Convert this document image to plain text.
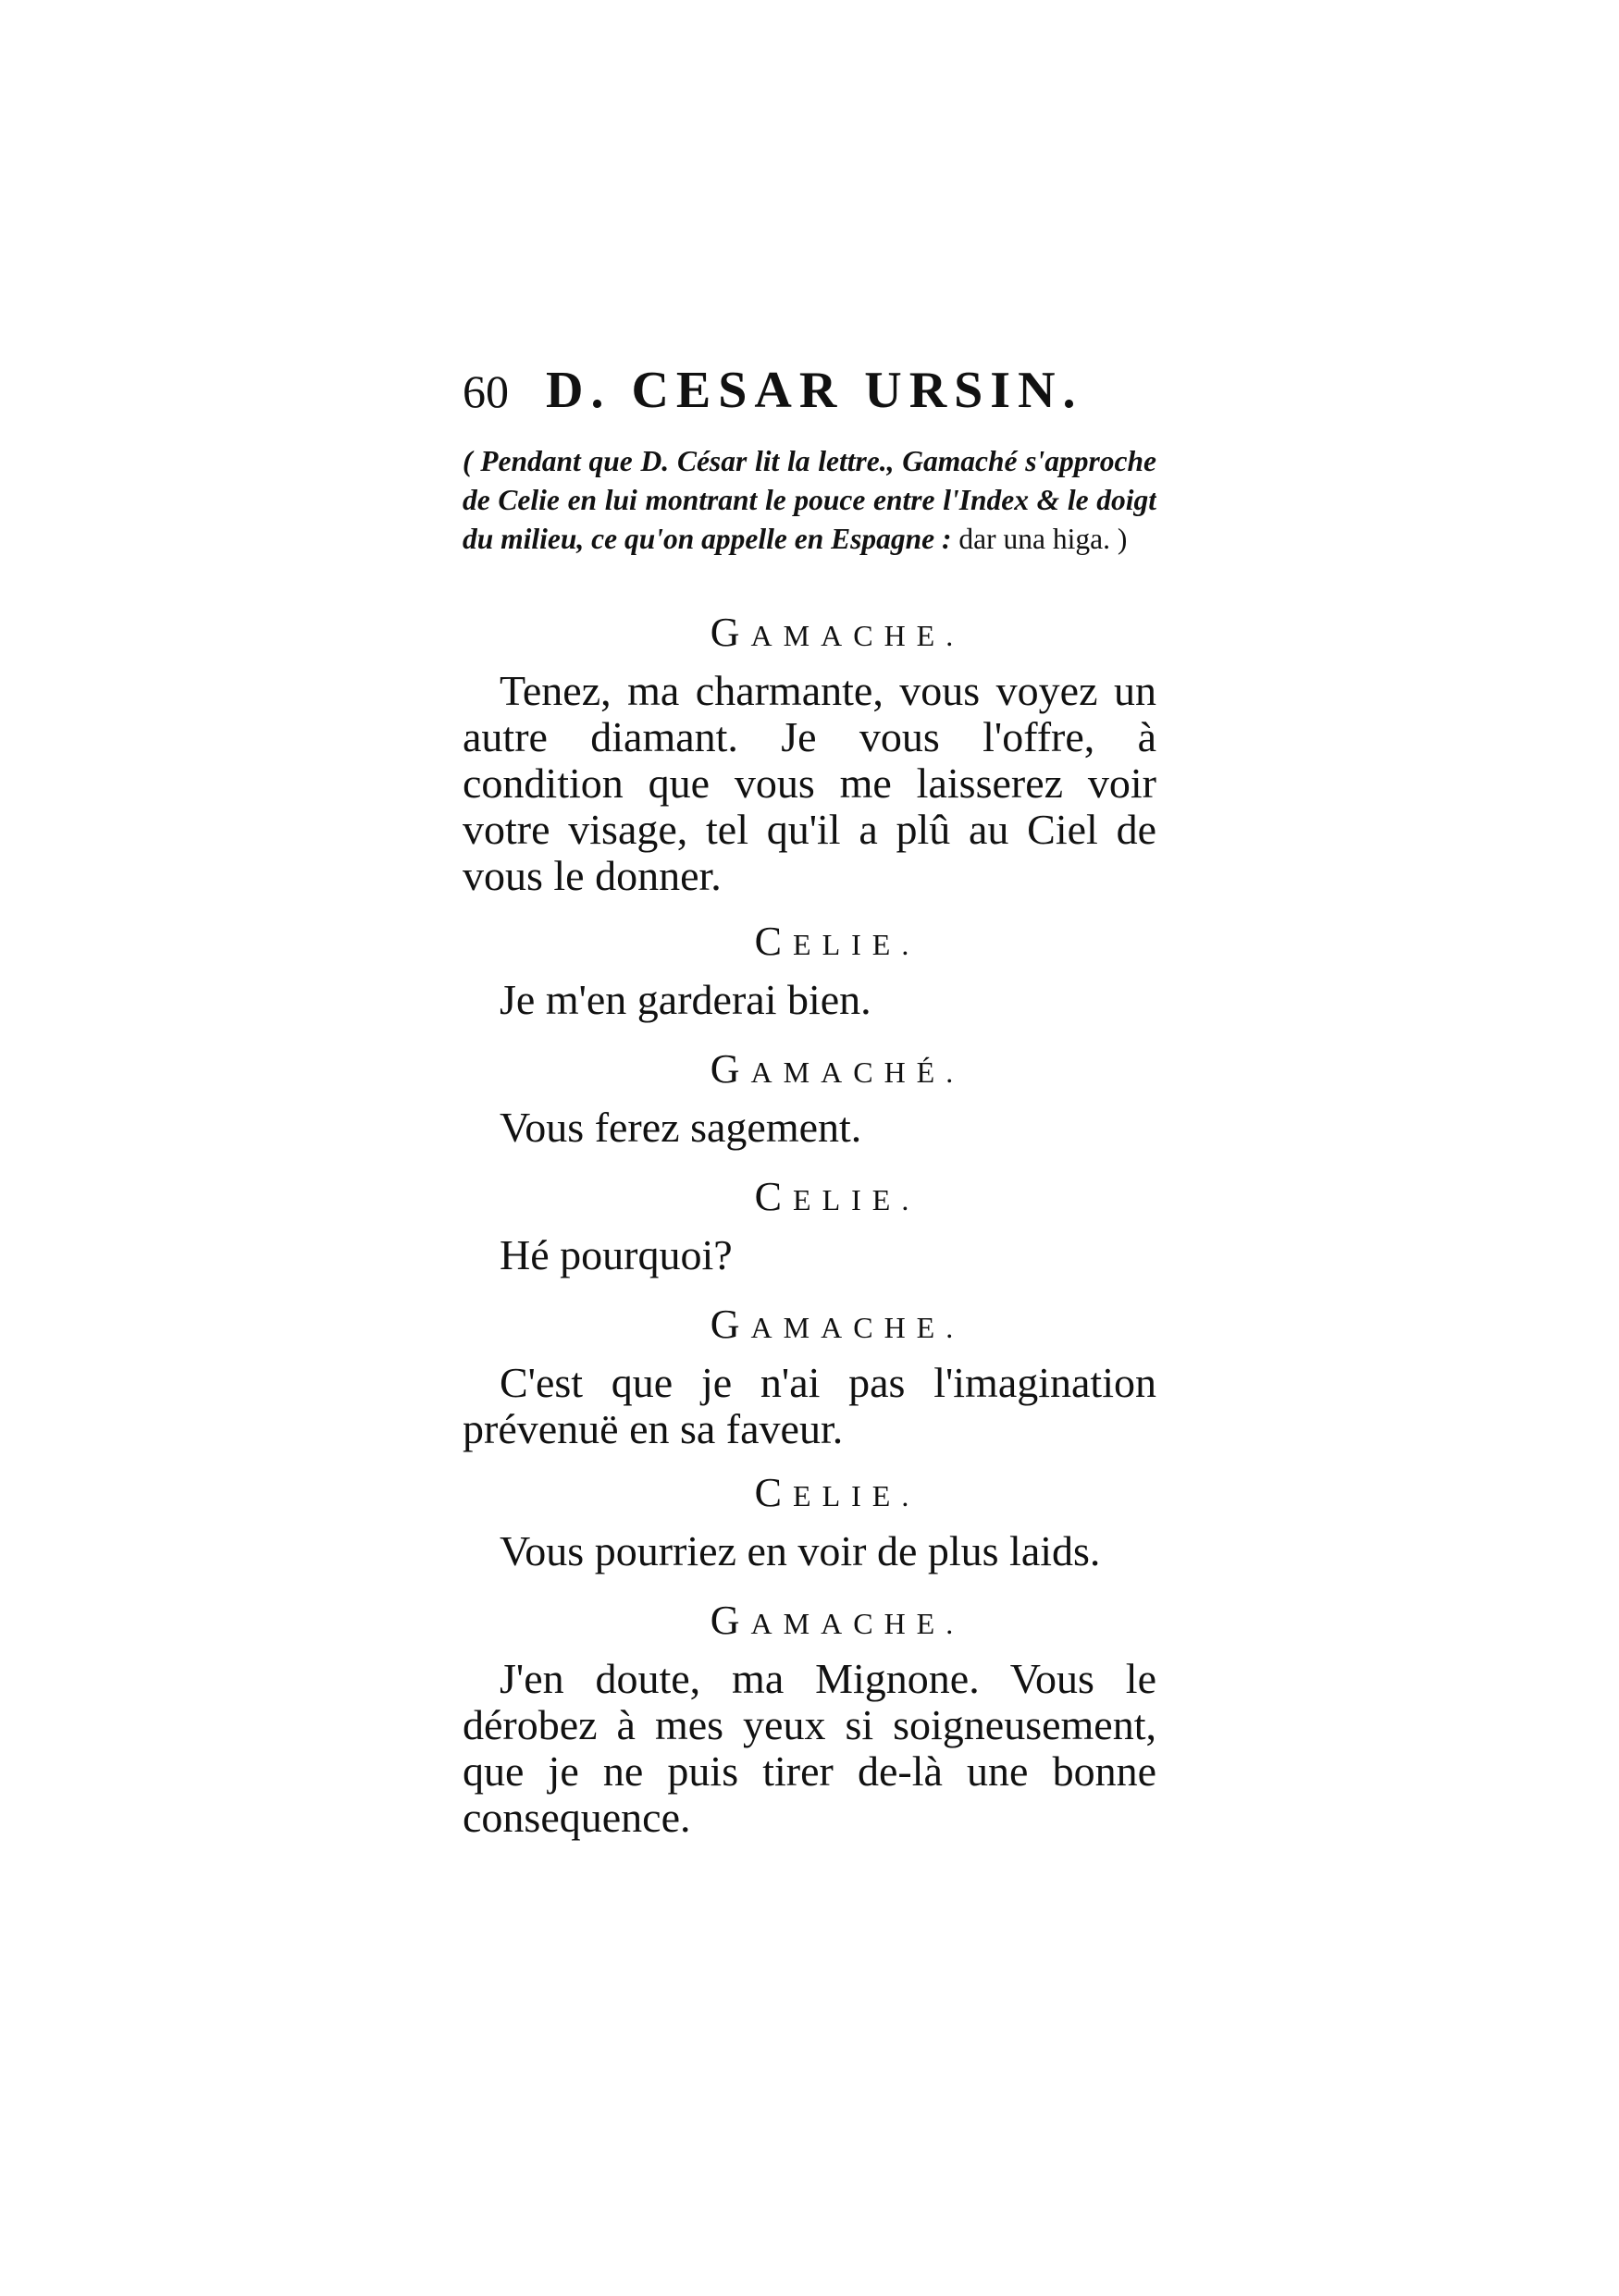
60 D. CESAR URSIN.
( Pendant que D. César lit la lettre., Gamaché s'approche de Celie en lui montrant le pouce entre l'Index & le doigt du milieu, ce qu'on appelle en Espagne : dar una higa. )
GAMACHE.
Tenez, ma charmante, vous voyez un autre diamant. Je vous l'offre, à condition que vous me laisserez voir votre visage, tel qu'il a plû au Ciel de vous le donner.
CELIE.
Je m'en garderai bien.
GAMACHÉ.
Vous ferez sagement.
CELIE.
Hé pourquoi?
GAMACHE.
C'est que je n'ai pas l'imagination prévenuë en sa faveur.
CELIE.
Vous pourriez en voir de plus laids.
GAMACHE.
J'en doute, ma Mignone. Vous le dérobez à mes yeux si soigneusement, que je ne puis tirer de-là une bonne consequence.
